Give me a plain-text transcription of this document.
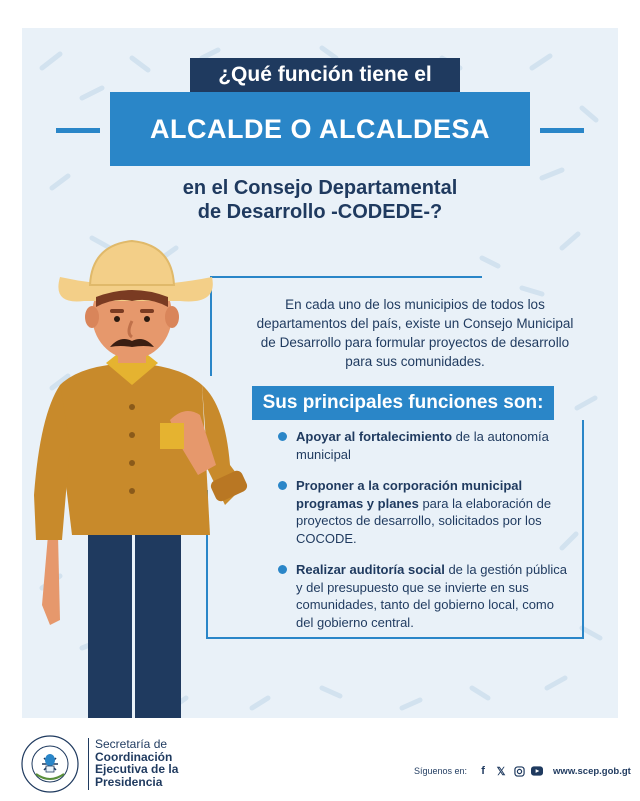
¿Qué función tiene el
ALCALDE O ALCALDESA
en el Consejo Departamental
de Desarrollo -CODEDE-?
En cada uno de los municipios de todos los departamentos del país, existe un Consejo Municipal de Desarrollo para formular proyectos de desarrollo para sus comunidades.
Sus principales funciones son:
Apoyar al fortalecimiento de la autonomía municipal
Proponer a la corporación municipal programas y planes para la elaboración de proyectos de desarrollo, solicitados por los COCODE.
Realizar auditoría social de la gestión pública y del presupuesto que se invierte en sus comunidades, tanto del gobierno local, como del gobierno central.
Secretaría de
Coordinación
Ejecutiva de la
Presidencia
Síguenos en:	f	𝕏	www.scep.gob.gt
